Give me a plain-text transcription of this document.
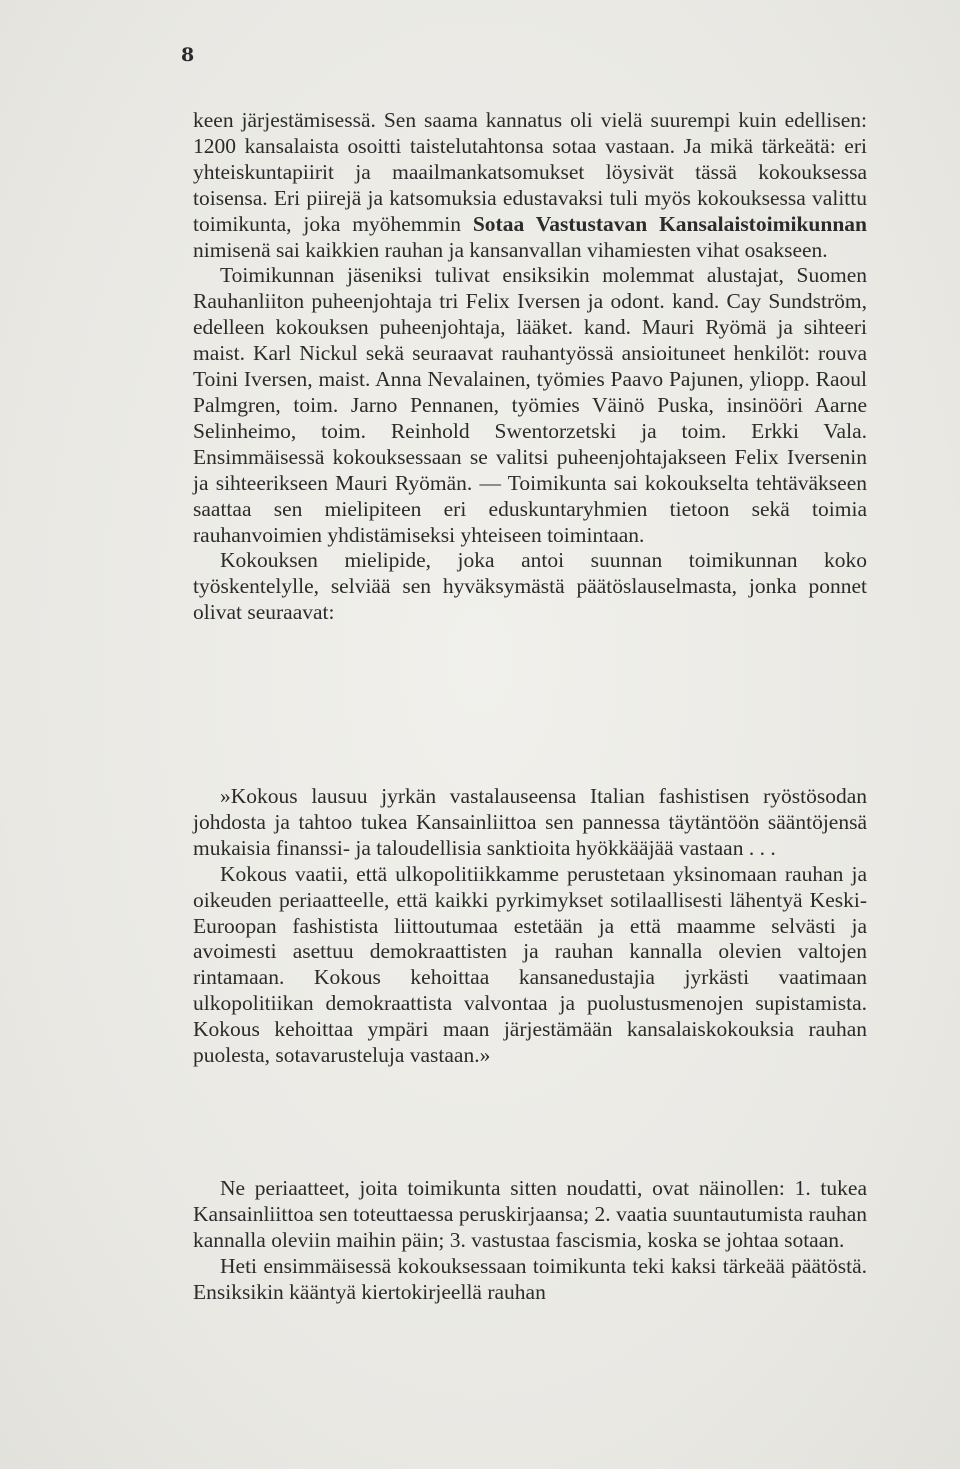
8

keen järjestämisessä. Sen saama kannatus oli vielä suurempi kuin edellisen: 1200 kansalaista osoitti taistelutahtonsa sotaa vastaan. Ja mikä tärkeätä: eri yhteiskuntapiirit ja maailmankatsomukset löysivät tässä kokouksessa toisensa. Eri piirejä ja katsomuksia edustavaksi tuli myös kokouksessa valittu toimikunta, joka myöhemmin Sotaa Vastustavan Kansalaistoimikunnan nimisenä sai kaikkien rauhan ja kansanvallan vihamiesten vihat osakseen.

Toimikunnan jäseniksi tulivat ensiksikin molemmat alustajat, Suomen Rauhanliiton puheenjohtaja tri Felix Iversen ja odont. kand. Cay Sundström, edelleen kokouksen puheenjohtaja, lääket. kand. Mauri Ryömä ja sihteeri maist. Karl Nickul sekä seuraavat rauhantyössä ansioituneet henkilöt: rouva Toini Iversen, maist. Anna Nevalainen, työmies Paavo Pajunen, yliopp. Raoul Palmgren, toim. Jarno Pennanen, työmies Väinö Puska, insinööri Aarne Selinheimo, toim. Reinhold Swentorzetski ja toim. Erkki Vala. Ensimmäisessä kokouksessaan se valitsi puheenjohtajakseen Felix Iversenin ja sihteerikseen Mauri Ryömän. — Toimikunta sai kokoukselta tehtäväkseen saattaa sen mielipiteen eri eduskuntaryhmien tietoon sekä toimia rauhanvoimien yhdistämiseksi yhteiseen toimintaan.

Kokouksen mielipide, joka antoi suunnan toimikunnan koko työskentelylle, selviää sen hyväksymästä päätöslauselmasta, jonka ponnet olivat seuraavat:

»Kokous lausuu jyrkän vastalauseensa Italian fashistisen ryöstösodan johdosta ja tahtoo tukea Kansainliittoa sen pannessa täytäntöön sääntöjensä mukaisia finanssi- ja taloudellisia sanktioita hyökkääjää vastaan . . .

Kokous vaatii, että ulkopolitiikkamme perustetaan yksinomaan rauhan ja oikeuden periaatteelle, että kaikki pyrkimykset sotilaallisesti lähentyä Keski-Euroopan fashistista liittoutumaa estetään ja että maamme selvästi ja avoimesti asettuu demokraattisten ja rauhan kannalla olevien valtojen rintamaan. Kokous kehoittaa kansanedustajia jyrkästi vaatimaan ulkopolitiikan demokraattista valvontaa ja puolustusmenojen supistamista. Kokous kehoittaa ympäri maan järjestämään kansalaiskokouksia rauhan puolesta, sotavarusteluja vastaan.»

Ne periaatteet, joita toimikunta sitten noudatti, ovat näinollen: 1. tukea Kansainliittoa sen toteuttaessa peruskirjaansa; 2. vaatia suuntautumista rauhan kannalla oleviin maihin päin; 3. vastustaa fascismia, koska se johtaa sotaan.

Heti ensimmäisessä kokouksessaan toimikunta teki kaksi tärkeää päätöstä. Ensiksikin kääntyä kiertokirjeellä rauhan
